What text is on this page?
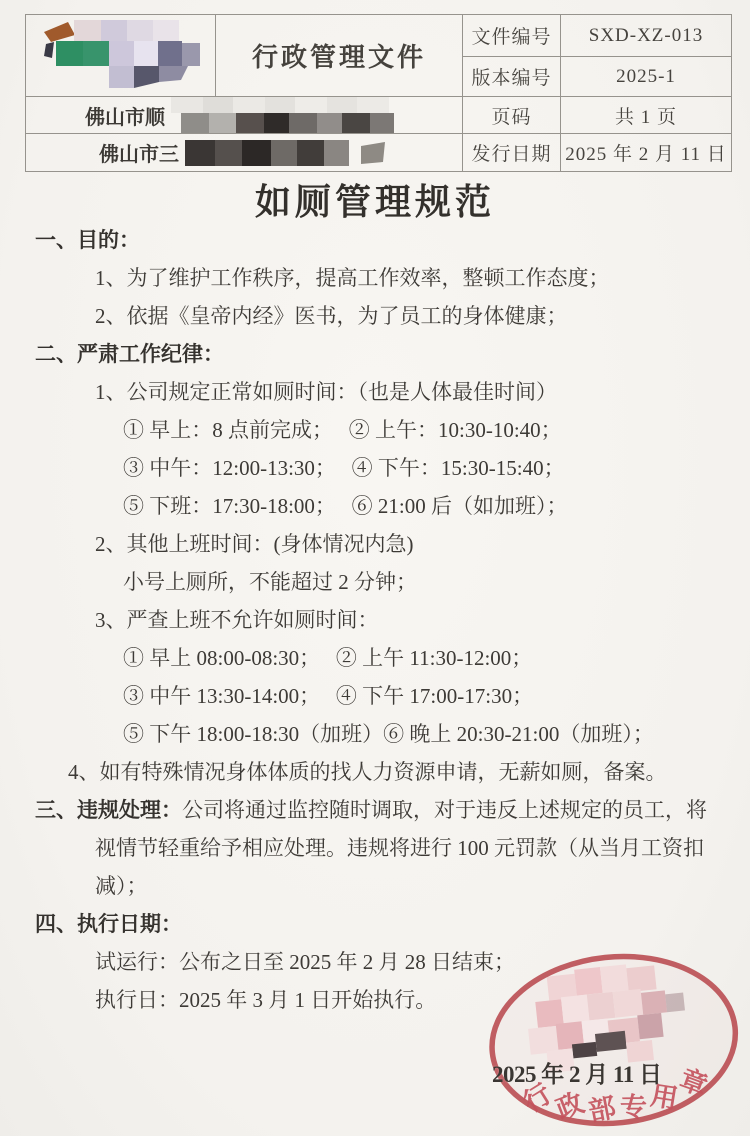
行政管理文件
文件编号	SXD-XZ-013
版本编号	2025-1
佛山市顺	页码	共 1 页
佛山市三	发行日期 2025 年 2 月 11 日
如厕管理规范
一、目的：
1、为了维护工作秩序，提高工作效率，整顿工作态度；
2、依据《皇帝内经》医书，为了员工的身体健康；
二、严肃工作纪律：
1、公司规定正常如厕时间：（也是人体最佳时间）
① 早上：8 点前完成；　 ② 上午：10:30-10:40；
③ 中午：12:00-13:30；　 ④ 下午：15:30-15:40；
⑤ 下班：17:30-18:00；　 ⑥ 21:00 后（如加班）；
2、其他上班时间：(身体情况内急)
小号上厕所，不能超过 2 分钟；
3、严查上班不允许如厕时间：
① 早上 08:00-08:30；　 ② 上午 11:30-12:00；
③ 中午 13:30-14:00；　 ④ 下午 17:00-17:30；
⑤ 下午 18:00-18:30（加班）⑥ 晚上 20:30-21:00（加班）；
4、如有特殊情况身体体质的找人力资源申请，无薪如厕，备案。
三、违规处理：公司将通过监控随时调取，对于违反上述规定的员工，将
视情节轻重给予相应处理。违规将进行 100 元罚款（从当月工资扣
减）；
四、执行日期：
试运行：公布之日至 2025 年 2 月 28 日结束；
执行日：2025 年 3 月 1 日开始执行。
行
政
部 专 用
章
2025 年 2 月 11 日
